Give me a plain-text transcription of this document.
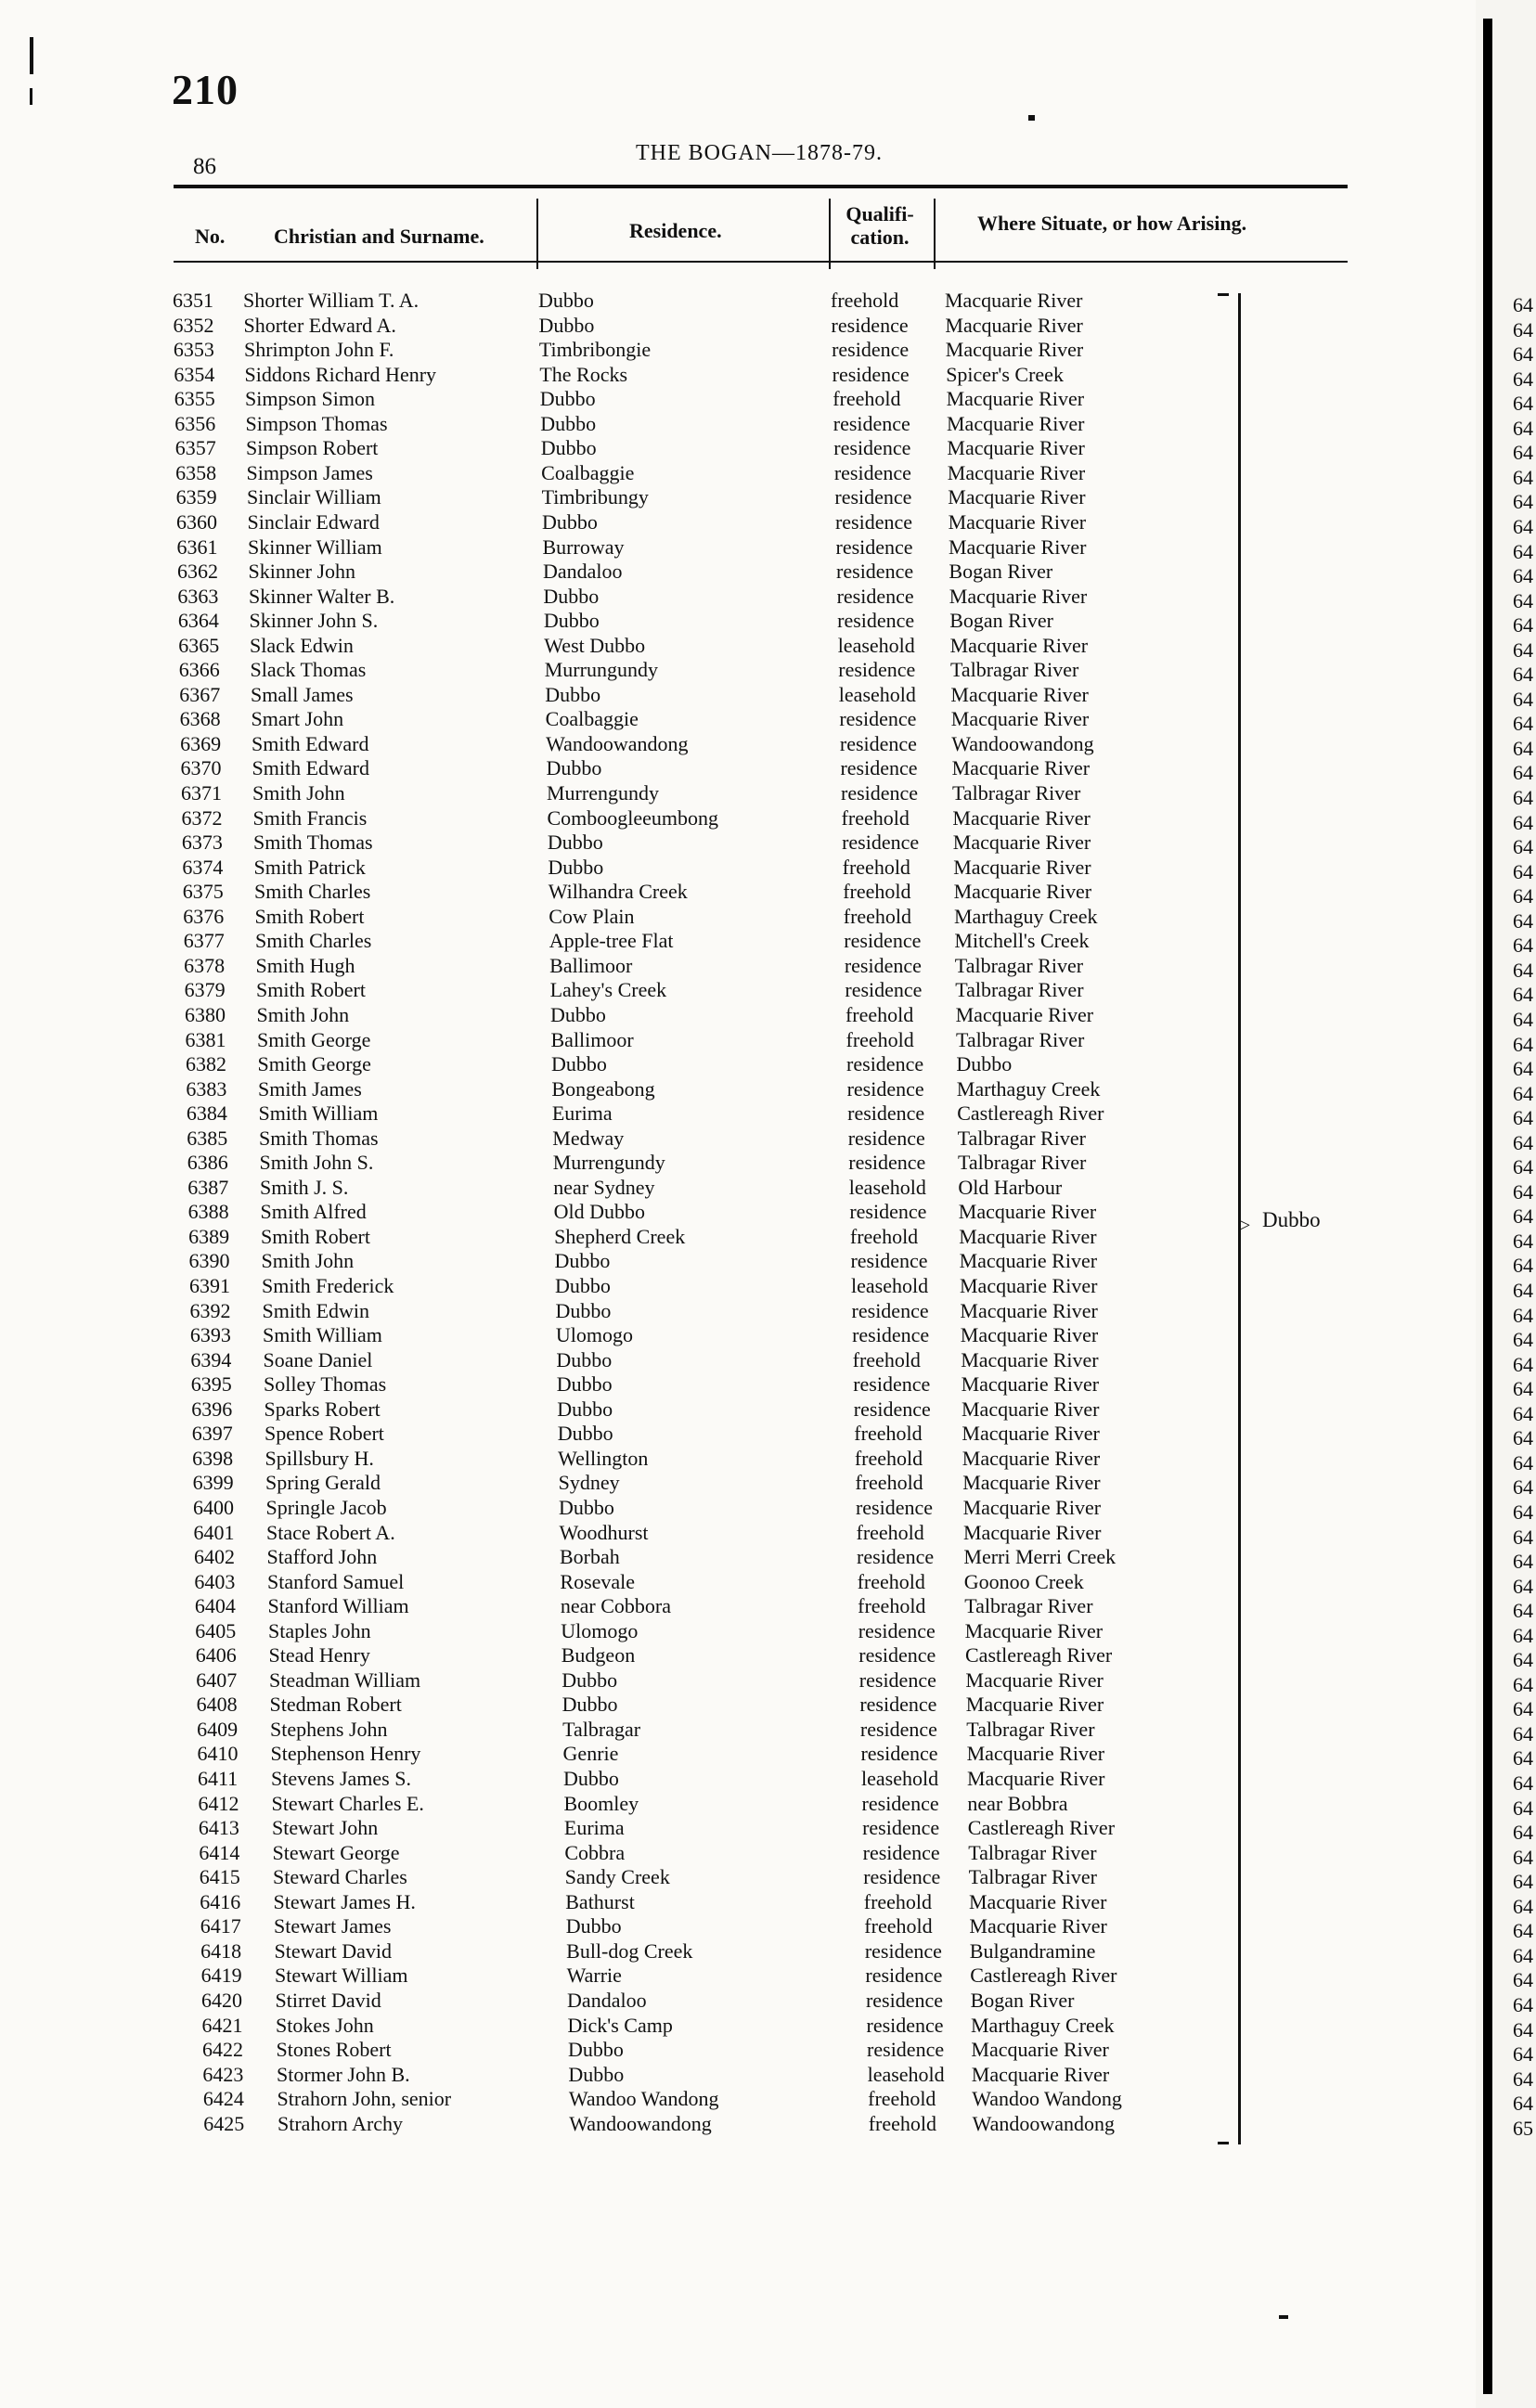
210
86
THE BOGAN—1878-79.
No. Christian and Surname.	Residence.
Qualifi- cation.
Where Situate, or how Arising.
6351 Shorter William T. A.	Dubbo	freehold Macquarie River
6352 Shorter Edward A.	Dubbo	residence Macquarie River
6353 Shrimpton John F.	Timbribongie	residence Macquarie River
6354 Siddons Richard Henry	The Rocks	residence Spicer's Creek
6355 Simpson Simon	Dubbo	freehold Macquarie River
6356 Simpson Thomas	Dubbo	residence Macquarie River
6357 Simpson Robert	Dubbo	residence Macquarie River
6358 Simpson James	Coalbaggie	residence Macquarie River
6359 Sinclair William	Timbribungy	residence Macquarie River
6360 Sinclair Edward	Dubbo	residence Macquarie River
6361 Skinner William	Burroway	residence Macquarie River
6362 Skinner John	Dandaloo	residence Bogan River
6363 Skinner Walter B.	Dubbo	residence Macquarie River
6364 Skinner John S.	Dubbo	residence Bogan River
6365 Slack Edwin	West Dubbo	leasehold Macquarie River
6366 Slack Thomas	Murrungundy	residence Talbragar River
6367 Small James	Dubbo	leasehold Macquarie River
6368 Smart John	Coalbaggie	residence Macquarie River
6369 Smith Edward	Wandoowandong	residence Wandoowandong
6370 Smith Edward	Dubbo	residence Macquarie River
6371 Smith John	Murrengundy	residence Talbragar River
6372 Smith Francis	Comboogleeumbong	freehold Macquarie River
6373 Smith Thomas	Dubbo	residence Macquarie River
6374 Smith Patrick	Dubbo	freehold Macquarie River
6375 Smith Charles	Wilhandra Creek	freehold Macquarie River
6376 Smith Robert	Cow Plain	freehold Marthaguy Creek
6377 Smith Charles	Apple-tree Flat	residence Mitchell's Creek
6378 Smith Hugh	Ballimoor	residence Talbragar River
6379 Smith Robert	Lahey's Creek	residence Talbragar River
6380 Smith John	Dubbo	freehold Macquarie River
6381 Smith George	Ballimoor	freehold Talbragar River
6382 Smith George	Dubbo	residence Dubbo
6383 Smith James	Bongeabong	residence Marthaguy Creek
6384 Smith William	Eurima	residence Castlereagh River
6385 Smith Thomas	Medway	residence Talbragar River
6386 Smith John S.	Murrengundy	residence Talbragar River
6387 Smith J. S.	near Sydney	leasehold Old Harbour
6388 Smith Alfred	Old Dubbo	residence Macquarie River
6389 Smith Robert	Shepherd Creek	freehold Macquarie River
6390 Smith John	Dubbo	residence Macquarie River
6391 Smith Frederick	Dubbo	leasehold Macquarie River
6392 Smith Edwin	Dubbo	residence Macquarie River
6393 Smith William	Ulomogo	residence Macquarie River
6394 Soane Daniel	Dubbo	freehold Macquarie River
6395 Solley Thomas	Dubbo	residence Macquarie River
6396 Sparks Robert	Dubbo	residence Macquarie River
6397 Spence Robert	Dubbo	freehold Macquarie River
6398 Spillsbury H.	Wellington	freehold Macquarie River
6399 Spring Gerald	Sydney	freehold Macquarie River
6400 Springle Jacob	Dubbo	residence Macquarie River
6401 Stace Robert A.	Woodhurst	freehold Macquarie River
6402 Stafford John	Borbah	residence Merri Merri Creek
6403 Stanford Samuel	Rosevale	freehold Goonoo Creek
6404 Stanford William	near Cobbora	freehold Talbragar River
6405 Staples John	Ulomogo	residence Macquarie River
6406 Stead Henry	Budgeon	residence Castlereagh River
6407 Steadman William	Dubbo	residence Macquarie River
6408 Stedman Robert	Dubbo	residence Macquarie River
6409 Stephens John	Talbragar	residence Talbragar River
6410 Stephenson Henry	Genrie	residence Macquarie River
6411 Stevens James S.	Dubbo	leasehold Macquarie River
6412 Stewart Charles E.	Boomley	residence near Bobbra
6413 Stewart John	Eurima	residence Castlereagh River
6414 Stewart George	Cobbra	residence Talbragar River
6415 Steward Charles	Sandy Creek	residence Talbragar River
6416 Stewart James H.	Bathurst	freehold Macquarie River
6417 Stewart James	Dubbo	freehold Macquarie River
6418 Stewart David	Bull-dog Creek	residence Bulgandramine
6419 Stewart William	Warrie	residence Castlereagh River
6420 Stirret David	Dandaloo	residence Bogan River
6421 Stokes John	Dick's Camp	residence Marthaguy Creek
6422 Stones Robert	Dubbo	residence Macquarie River
6423 Stormer John B.	Dubbo	leasehold Macquarie River
6424 Strahorn John, senior	Wandoo Wandong	freehold Wandoo Wandong
6425 Strahorn Archy	Wandoowandong	freehold Wandoowandong
> Dubbo
64
64
64
64
64
64
64
64
64
64
64
64
64
64
64
64
64
64
64
64
64
64
64
64
64
64
64
64
64
64
64
64
64
64
64
64
64
64
64
64
64
64
64
64
64
64
64
64
64
64
64
64
64
64
64
64
64
64
64
64
64
64
64
64
64
64
64
64
64
64
64
64
64
64
65
